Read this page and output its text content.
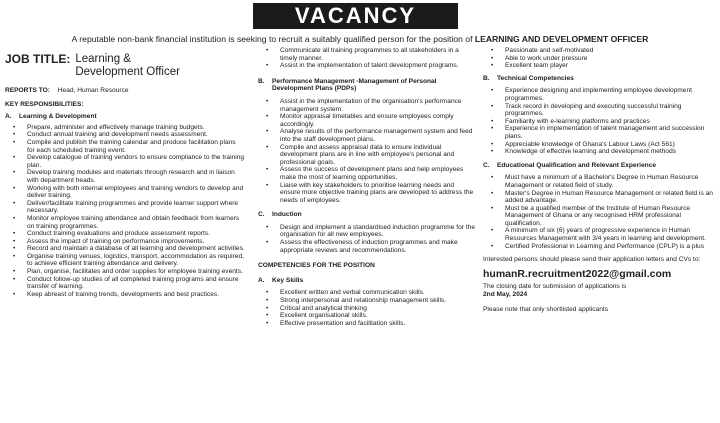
VACANCY
A reputable non-bank financial institution is seeking to recruit a suitably qualified person for the position of LEARNING AND DEVELOPMENT OFFICER
JOB TITLE: Learning &
Development Officer
REPORTS TO: Head, Human Resource
KEY RESPONSIBILITIES:
A.	Learning & Development
• Prepare, administer and effectively manage training budgets.
• Conduct annual training and development needs assessment.
• Compile and publish the training calendar and produce facilitation plans for each scheduled training event.
• Develop catalogue of training vendors to ensure compliance to the training plan.
• Develop training modules and materials through research and in liaison with department heads.
• Working with both internal employees and training vendors to develop and deliver training.
• Deliver/facilitate training programmes and provide learner support where necessary.
• Monitor employee training attendance and obtain feedback from learners on training programmes.
• Conduct training evaluations and produce assessment reports.
• Assess the impact of training on performance improvements.
• Record and maintain a database of all learning and development activities.
• Organise training venues, logistics, transport, accommodation as required, to achieve efficient training attendance and delivery.
• Plan, organise, facilitates and order supplies for employee training events.
• Conduct follow-up studies of all completed training programs and ensure transfer of learning.
• Keep abreast of training trends, developments and best practices.
• Communicate all training programmes to all stakeholders in a timely manner.
• Assist in the implementation of talent development programs.
B.	Performance Management -Management of Personal Development Plans (PDPs)
• Assist in the implementation of the organisation's performance management system.
• Monitor appraisal timetables and ensure employees comply accordingly.
• Analyse results of the performance management system and feed into the staff development plans.
• Compile and assess appraisal data to ensure individual development plans are in line with employee's personal and professional goals.
• Assess the success of development plans and help employees make the most of learning opportunities.
• Liaise with key stakeholders to prioritise learning needs and ensure more objective training plans are developed to address the needs of employees.
C.	Induction
• Design and implement a standardised induction programme for the organisation for all new employees.
• Assess the effectiveness of induction programmes and make appropriate reviews and recommendations.
COMPETENCIES FOR THE POSITION
A.	Key Skills
• Excellent written and verbal communication skills.
• Strong interpersonal and relationship management skills.
• Critical and analytical thinking
• Excellent organisational skills.
• Effective presentation and facilitation skills.
• Passionate and self-motivated
• Able to work under pressure
• Excellent team player
B.	Technical Competencies
• Experience designing and implementing employee development programmes.
• Track record in developing and executing successful training programmes.
• Familiarity with e-learning platforms and practices
• Experience in implementation of talent management and succession plans.
• Appreciable knowledge of Ghana's Labour Laws (Act 561)
• Knowledge of effective learning and development methods
C.	Educational Qualification and Relevant Experience
• Must have a minimum of a Bachelor's Degree in Human Resource Management or related field of study.
• Master's Degree in Human Resource Management or related field is an added advantage.
• Must be a qualified member of the Institute of Human Resource Management of Ghana or any recognised HRM professional qualification.
• A minimum of six (6) years of progressive experience in Human Resources Management with 3/4 years in learning and development.
• Certified Professional in Learning and Performance (CPLP) is a plus
Interested persons should please send their application letters and CVs to:
humanR.recruitment2022@gmail.com
The closing date for submission of applications is
2nd May, 2024
Please note that only shortlisted applicants
